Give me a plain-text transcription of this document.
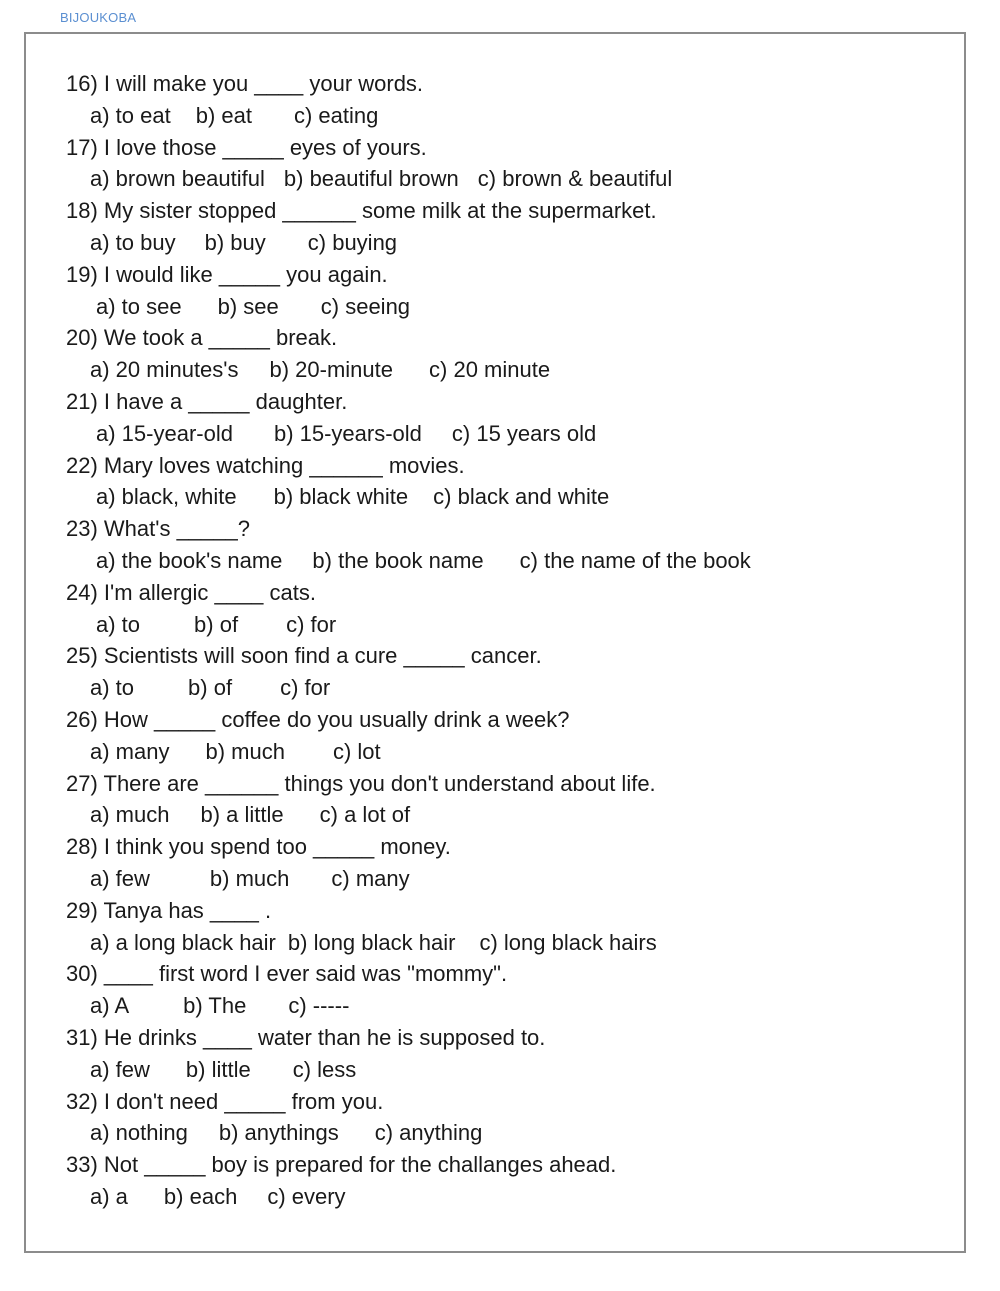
BIJOUKOBA
16) I will make you ____ your words.
a) to eat b) eat c) eating
17) I love those _____ eyes of yours.
a) brown beautiful b) beautiful brown c) brown & beautiful
18) My sister stopped ______ some milk at the supermarket.
a) to buy b) buy c) buying
19) I would like _____ you again.
a) to see b) see c) seeing
20) We took a _____ break.
a) 20 minutes's b) 20-minute c) 20 minute
21) I have a _____ daughter.
a) 15-year-old b) 15-years-old c) 15 years old
22) Mary loves watching ______ movies.
a) black, white b) black white c) black and white
23) What's _____?
a) the book's name b) the book name c) the name of the book
24) I'm allergic ____ cats.
a) to b) of c) for
25) Scientists will soon find a cure _____ cancer.
a) to b) of c) for
26) How _____ coffee do you usually drink a week?
a) many b) much c) lot
27) There are ______ things you don't understand about life.
a) much b) a little c) a lot of
28) I think you spend too _____ money.
a) few	b) much c) many
29) Tanya has ____ .
a) a long black hair b) long black hair c) long black hairs
30) ____ first word I ever said was "mommy".
a) A b) The c) -----
31) He drinks ____ water than he is supposed to.
a) few b) little c) less
32) I don't need _____ from you.
a) nothing b) anythings c) anything
33) Not _____ boy is prepared for the challanges ahead.
a) a b) each c) every
